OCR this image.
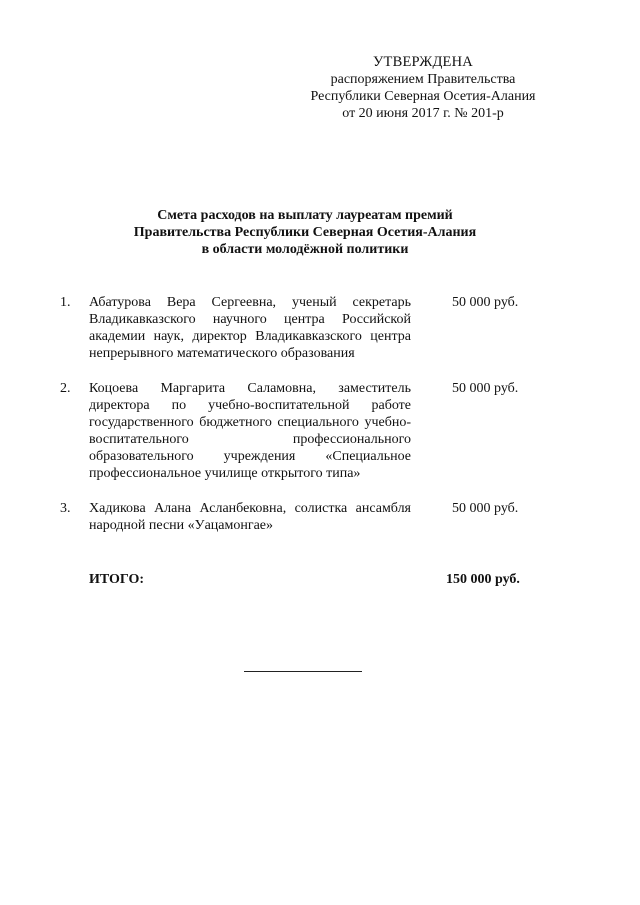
УТВЕРЖДЕНА
распоряжением Правительства
Республики Северная Осетия-Алания
от 20 июня 2017 г. № 201-р
Смета расходов на выплату лауреатам премий
Правительства Республики Северная Осетия-Алания
в области молодёжной политики
1. Абатурова Вера Сергеевна, ученый секретарь Владикавказского научного центра Российской академии наук, директор Владикавказского центра непрерывного математического образования
50 000 руб.
2. Коцоева Маргарита Саламовна, заместитель директора по учебно-воспитательной работе государственного бюджетного специального учебно-воспитательного профессионального образовательного учреждения «Специальное профессиональное училище открытого типа»
50 000 руб.
3. Хадикова Алана Асланбековна, солистка ансамбля народной песни «Уацамонгае»
50 000 руб.
ИТОГО:	150 000 руб.
